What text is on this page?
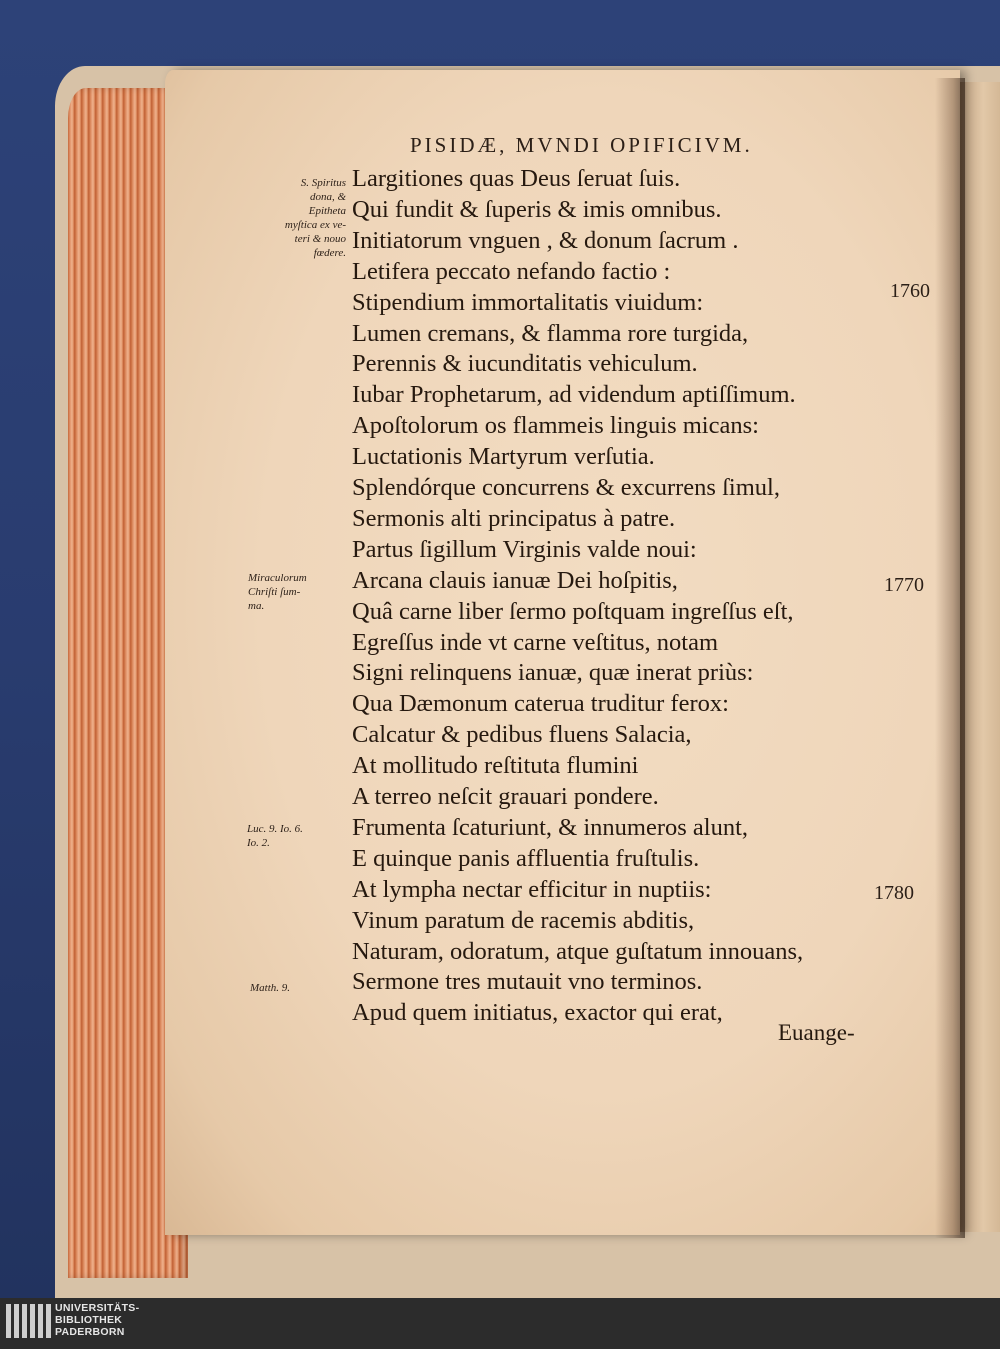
PISIDÆ, MVNDI OPIFICIVM.
S. Spiritus
dona, &
Epitheta
myſtica ex ve-
teri & nouo
fœdere.
Miraculorum
Chriſti ſum-
ma.
Luc. 9. Io. 6.
Io. 2.
Matth. 9.
Largitiones quas Deus ſeruat ſuis.
Qui fundit & ſuperis & imis omnibus.
Initiatorum vnguen , & donum ſacrum .
Letifera peccato nefando factio :
Stipendium immortalitatis viuidum:
Lumen cremans, & flamma rore turgida,
Perennis & iucunditatis vehiculum.
Iubar Prophetarum, ad videndum aptiſſimum.
Apoſtolorum os flammeis linguis micans:
Luctationis Martyrum verſutia.
Splendórque concurrens & excurrens ſimul,
Sermonis alti principatus à patre.
Partus ſigillum Virginis valde noui:
Arcana clauis ianuæ Dei hoſpitis,
Quâ carne liber ſermo poſtquam ingreſſus eſt,
Egreſſus inde vt carne veſtitus, notam
Signi relinquens ianuæ, quæ inerat priùs:
Qua Dæmonum caterua truditur ferox:
Calcatur & pedibus fluens Salacia,
At mollitudo reſtituta flumini
A terreo neſcit grauari pondere.
Frumenta ſcaturiunt, & innumeros alunt,
E quinque panis affluentia fruſtulis.
At lympha nectar efficitur in nuptiis:
Vinum paratum de racemis abditis,
Naturam, odoratum, atque guſtatum innouans,
Sermone tres mutauit vno terminos.
Apud quem initiatus, exactor qui erat,
1760
1770
1780
Euange-
UNIVERSITÄTS-
BIBLIOTHEK
PADERBORN
